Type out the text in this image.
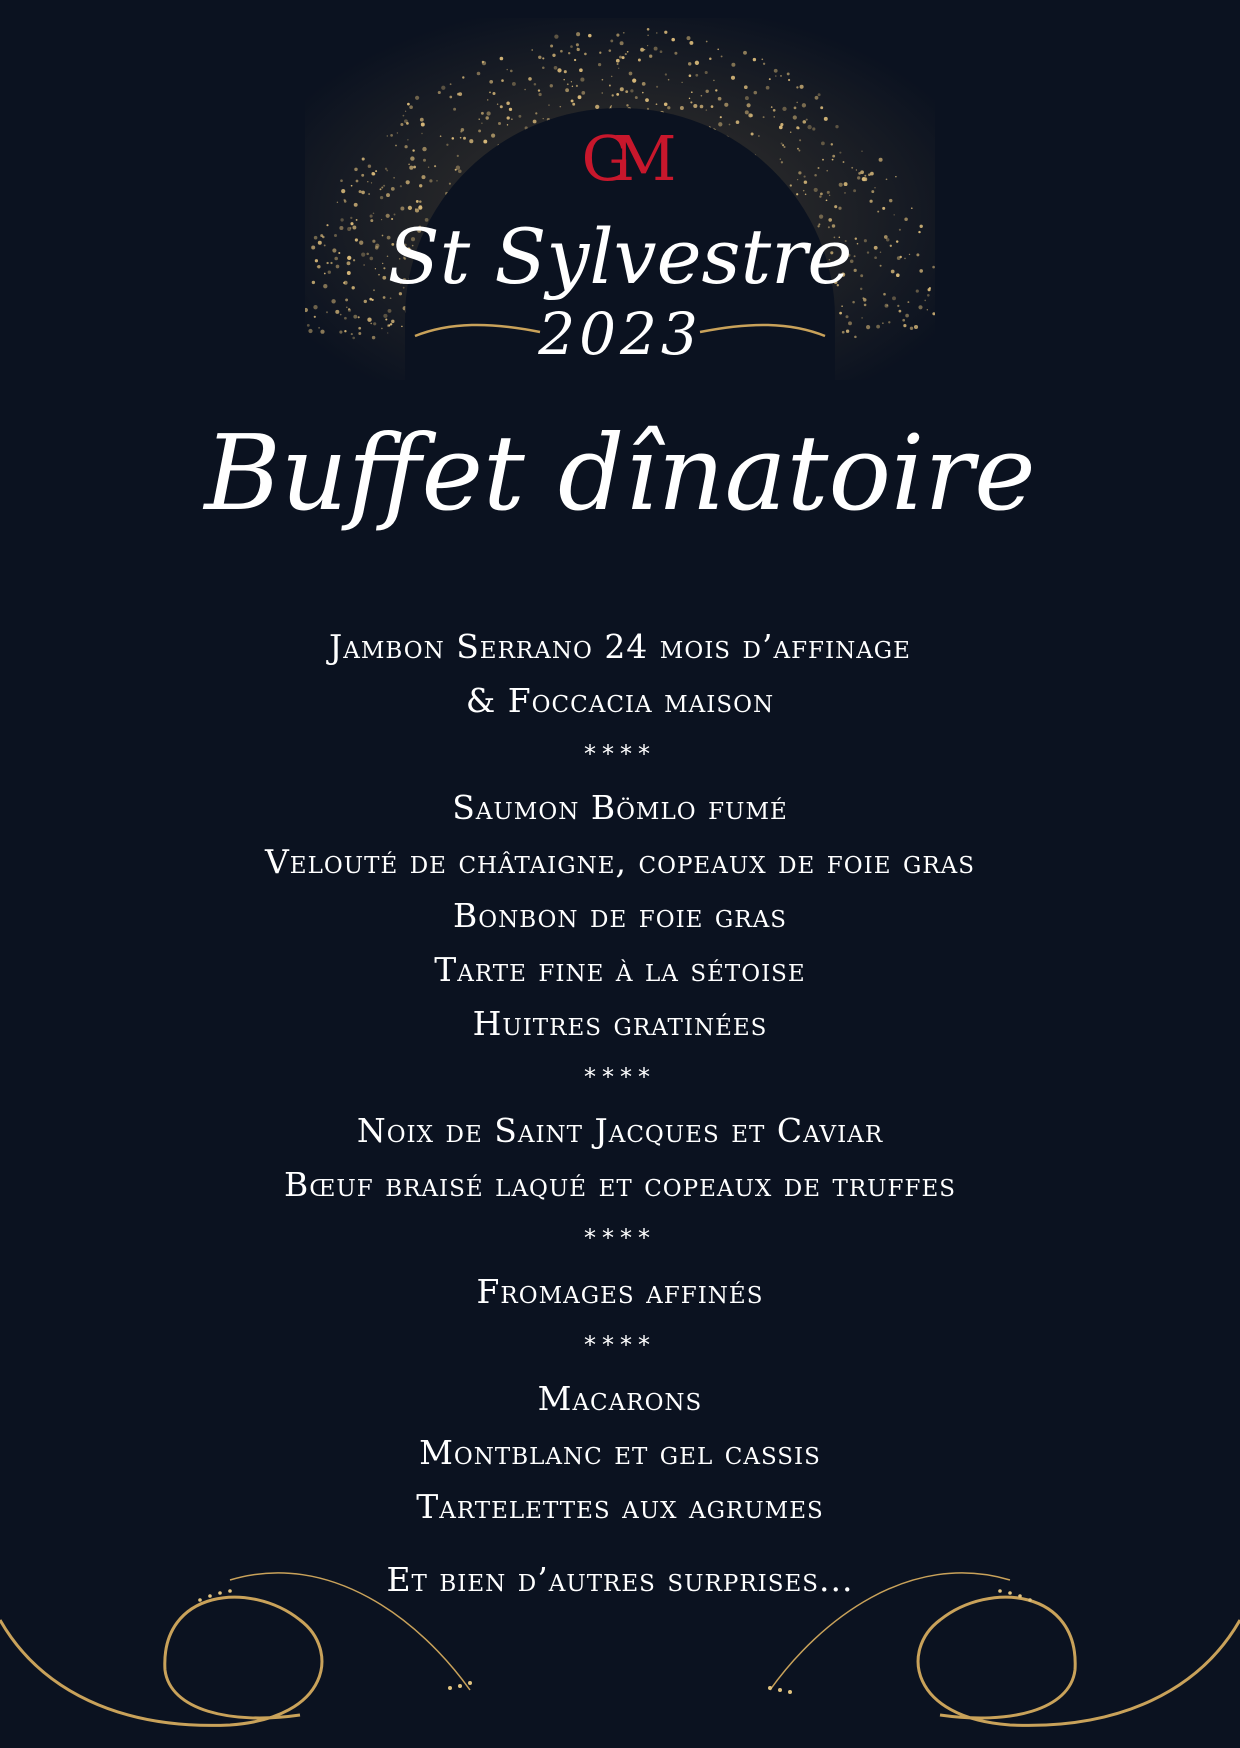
GM
St Sylvestre
2023
Buffet dînatoire
Jambon Serrano 24 mois d’affinage
& Foccacia maison
****
Saumon Bömlo fumé
Velouté de châtaigne, copeaux de foie gras
Bonbon de foie gras
Tarte fine à la sétoise
Huitres gratinées
****
Noix de Saint Jacques et Caviar
Bœuf braisé laqué et copeaux de truffes
****
Fromages affinés
****
Macarons
Montblanc et gel cassis
Tartelettes aux agrumes
Et bien d’autres surprises...
